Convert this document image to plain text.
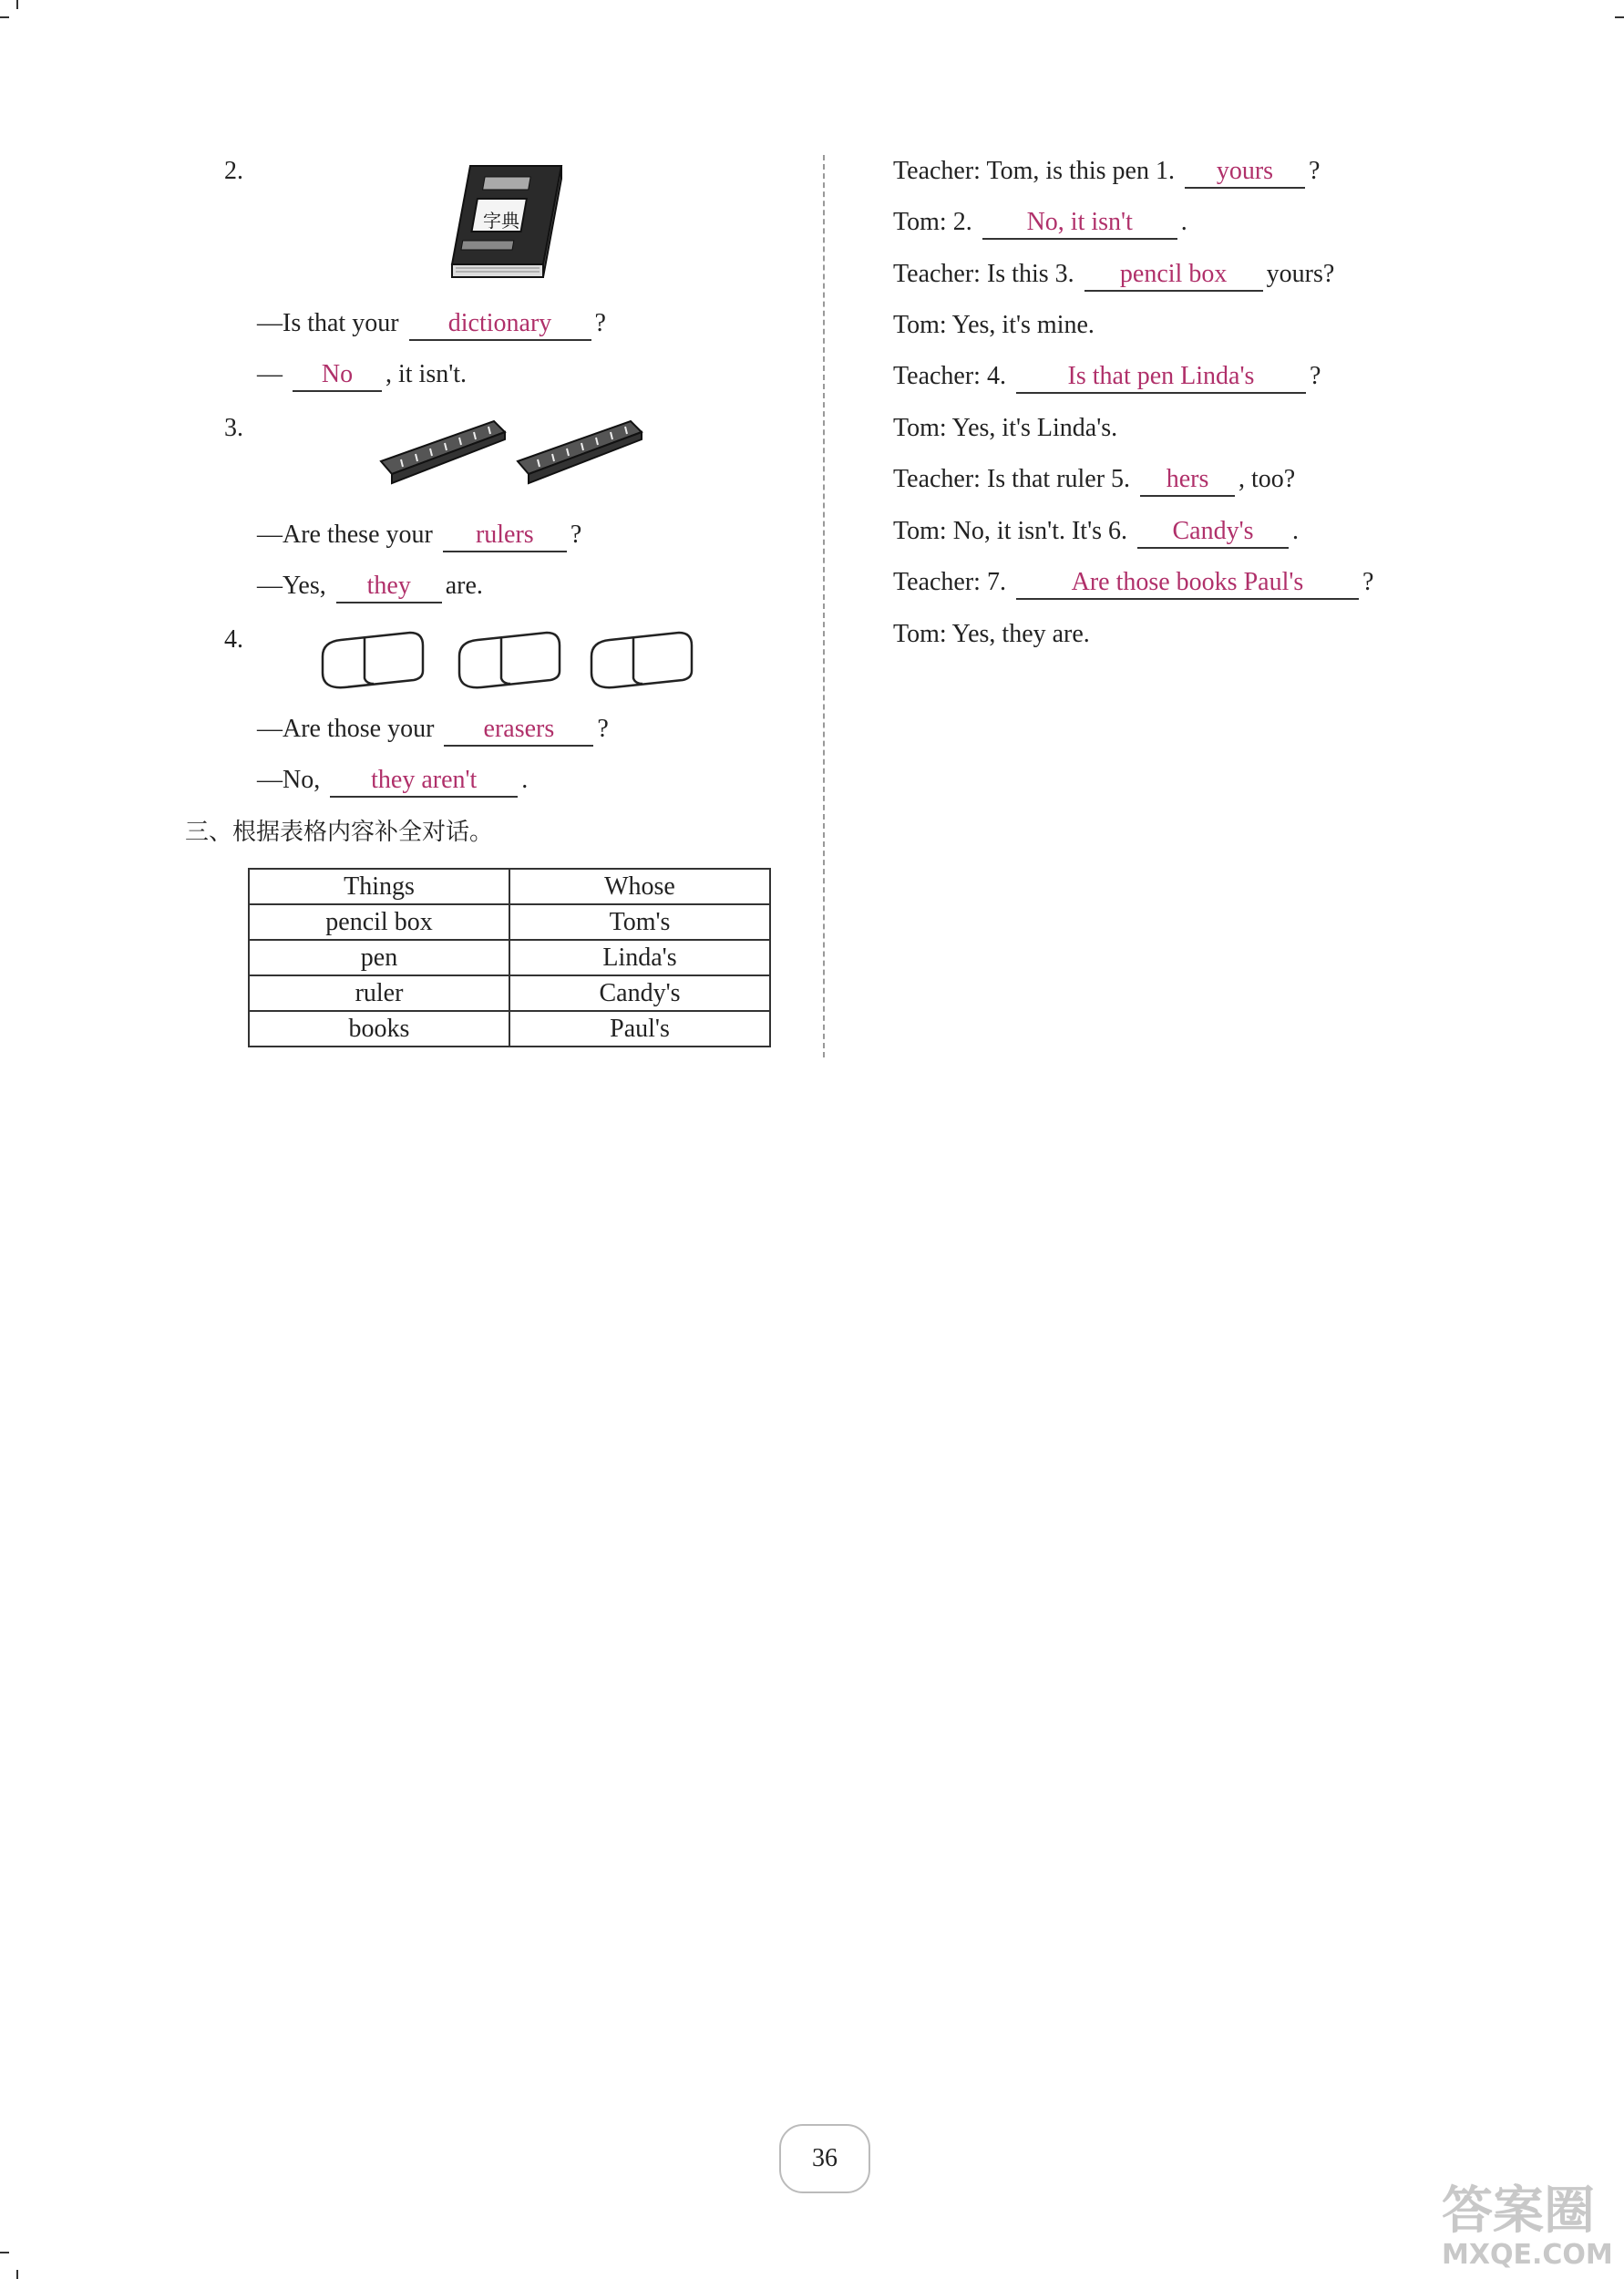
2.
字典
—Is that your dictionary ?
— No , it isn't.
3.
—Are these your rulers ?
—Yes, they are.
4.
—Are those your erasers ?
—No, they aren't .
三、根据表格内容补全对话。
Things	Whose
pencil box	Tom's
pen	Linda's
ruler	Candy's
books	Paul's
Teacher: Tom, is this pen 1. yours ?
Tom: 2. No, it isn't .
Teacher: Is this 3. pencil box yours?
Tom: Yes, it's mine.
Teacher: 4. Is that pen Linda's ?
Tom: Yes, it's Linda's.
Teacher: Is that ruler 5. hers , too?
Tom: No, it isn't. It's 6. Candy's .
Teacher: 7.	Are those books Paul's ?
Tom: Yes, they are.
36
答案圈
MXQE.COM
